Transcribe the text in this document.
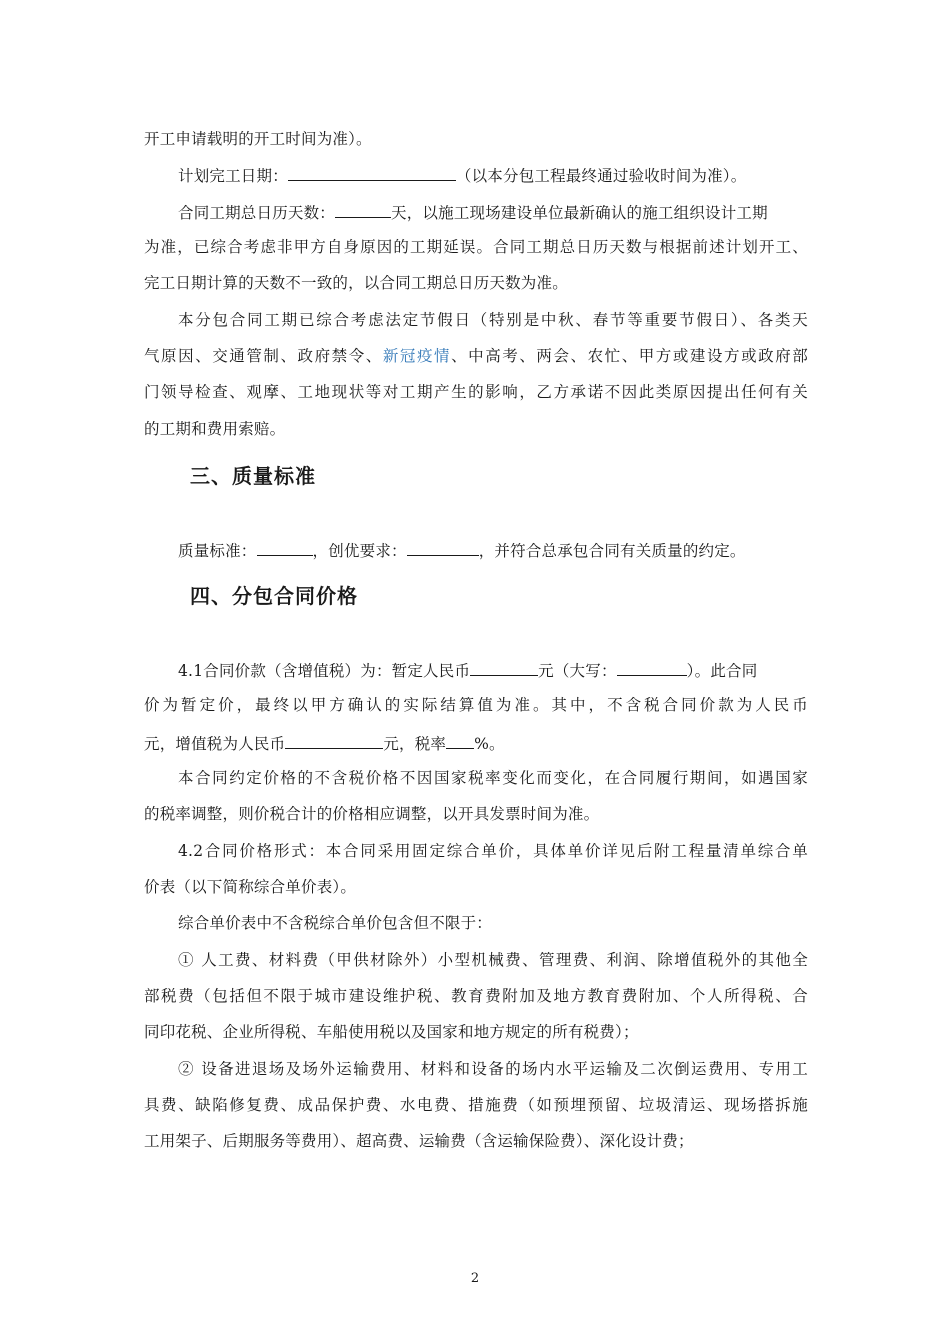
开工申请载明的开工时间为准）。
计划完工日期：	（以本分包工程最终通过验收时间为准）。
合同工期总日历天数：	天，以施工现场建设单位最新确认的施工组织设计工期
为准，已综合考虑非甲方自身原因的工期延误。合同工期总日历天数与根据前述计划开工、
完工日期计算的天数不一致的，以合同工期总日历天数为准。
本分包合同工期已综合考虑法定节假日（特别是中秋、春节等重要节假日）、各类天
气原因、交通管制、政府禁令、新冠疫情、中高考、两会、农忙、甲方或建设方或政府部
门领导检查、观摩、工地现状等对工期产生的影响，乙方承诺不因此类原因提出任何有关
的工期和费用索赔。
三、质量标准
质量标准：	，创优要求：	，并符合总承包合同有关质量的约定。
四、分包合同价格
4.1合同价款（含增值税）为：暂定人民币	元（大写：	）。此合同
价为暂定价，最终以甲方确认的实际结算值为准。其中，不含税合同价款为人民币
元，增值税为人民币	元，税率 %。
本合同约定价格的不含税价格不因国家税率变化而变化，在合同履行期间，如遇国家
的税率调整，则价税合计的价格相应调整，以开具发票时间为准。
4.2合同价格形式：本合同采用固定综合单价，具体单价详见后附工程量清单综合单
价表（以下简称综合单价表）。
综合单价表中不含税综合单价包含但不限于：
① 人工费、材料费（甲供材除外）小型机械费、管理费、利润、除增值税外的其他全
部税费（包括但不限于城市建设维护税、教育费附加及地方教育费附加、个人所得税、合
同印花税、企业所得税、车船使用税以及国家和地方规定的所有税费）；
② 设备进退场及场外运输费用、材料和设备的场内水平运输及二次倒运费用、专用工
具费、缺陷修复费、成品保护费、水电费、措施费（如预埋预留、垃圾清运、现场搭拆施
工用架子、后期服务等费用）、超高费、运输费（含运输保险费）、深化设计费；
2
